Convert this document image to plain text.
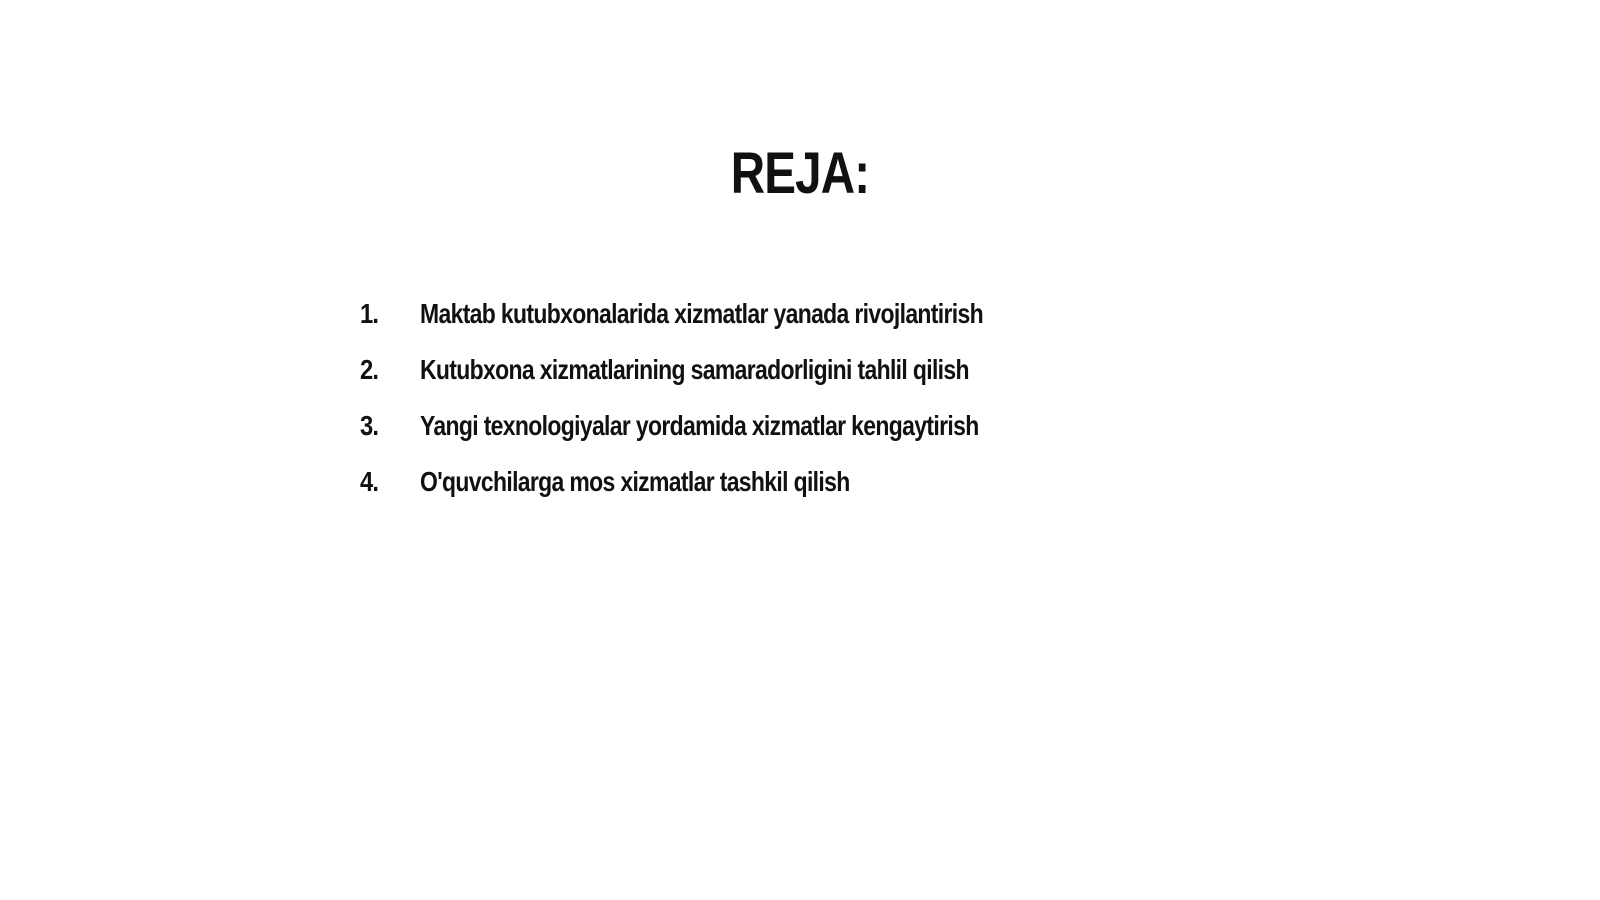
REJA:
1.	Maktab kutubxonalarida xizmatlar yanada rivojlantirish
2.	Kutubxona xizmatlarining samaradorligini tahlil qilish
3.	Yangi texnologiyalar yordamida xizmatlar kengaytirish
4.	O'quvchilarga mos xizmatlar tashkil qilish
